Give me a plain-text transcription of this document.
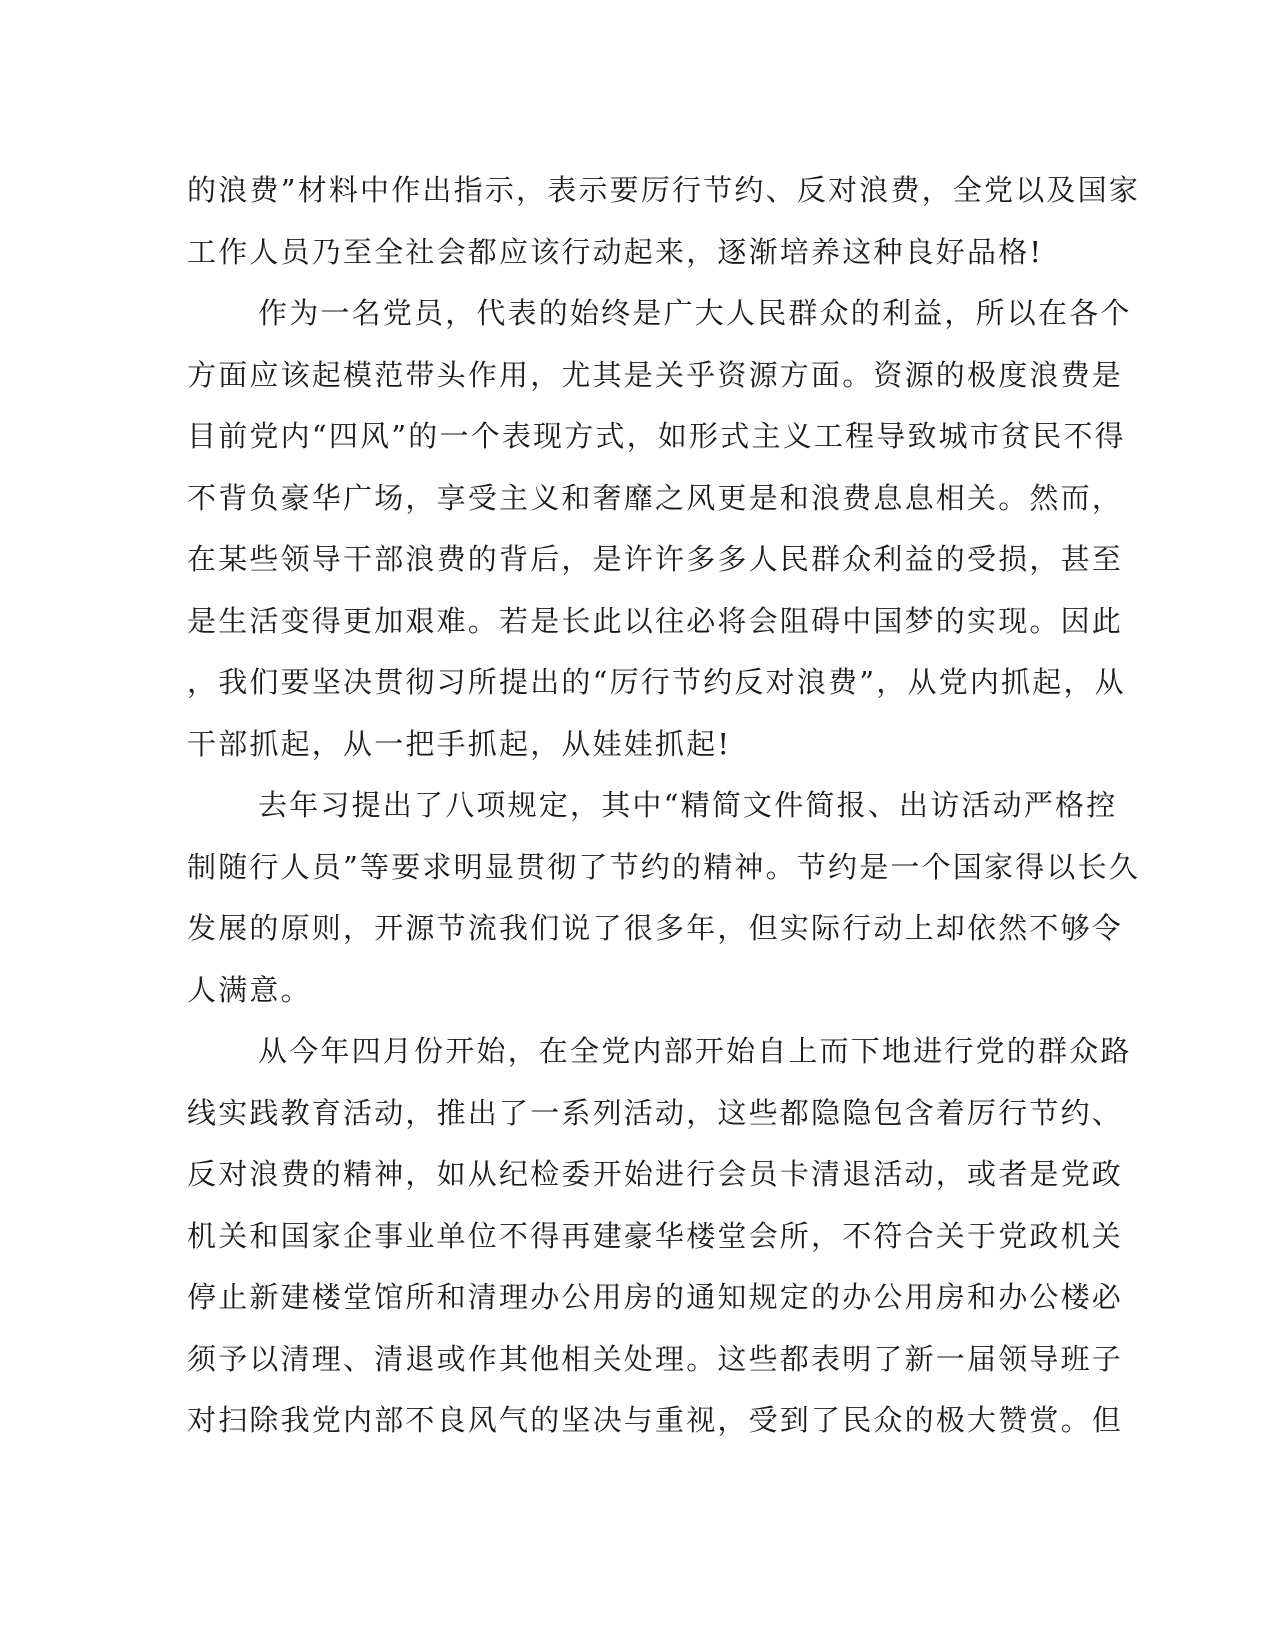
的浪费”材料中作出指示，表示要厉行节约、反对浪费，全党以及国家
工作人员乃至全社会都应该行动起来，逐渐培养这种良好品格!
作为一名党员，代表的始终是广大人民群众的利益，所以在各个
方面应该起模范带头作用，尤其是关乎资源方面。资源的极度浪费是
目前党内“四风”的一个表现方式，如形式主义工程导致城市贫民不得
不背负豪华广场，享受主义和奢靡之风更是和浪费息息相关。然而，
在某些领导干部浪费的背后，是许许多多人民群众利益的受损，甚至
是生活变得更加艰难。若是长此以往必将会阻碍中国梦的实现。因此
，我们要坚决贯彻习所提出的“厉行节约反对浪费”，从党内抓起，从
干部抓起，从一把手抓起，从娃娃抓起!
去年习提出了八项规定，其中“精简文件简报、出访活动严格控
制随行人员”等要求明显贯彻了节约的精神。节约是一个国家得以长久
发展的原则，开源节流我们说了很多年，但实际行动上却依然不够令
人满意。
从今年四月份开始，在全党内部开始自上而下地进行党的群众路
线实践教育活动，推出了一系列活动，这些都隐隐包含着厉行节约、
反对浪费的精神，如从纪检委开始进行会员卡清退活动，或者是党政
机关和国家企事业单位不得再建豪华楼堂会所，不符合关于党政机关
停止新建楼堂馆所和清理办公用房的通知规定的办公用房和办公楼必
须予以清理、清退或作其他相关处理。这些都表明了新一届领导班子
对扫除我党内部不良风气的坚决与重视，受到了民众的极大赞赏。但
